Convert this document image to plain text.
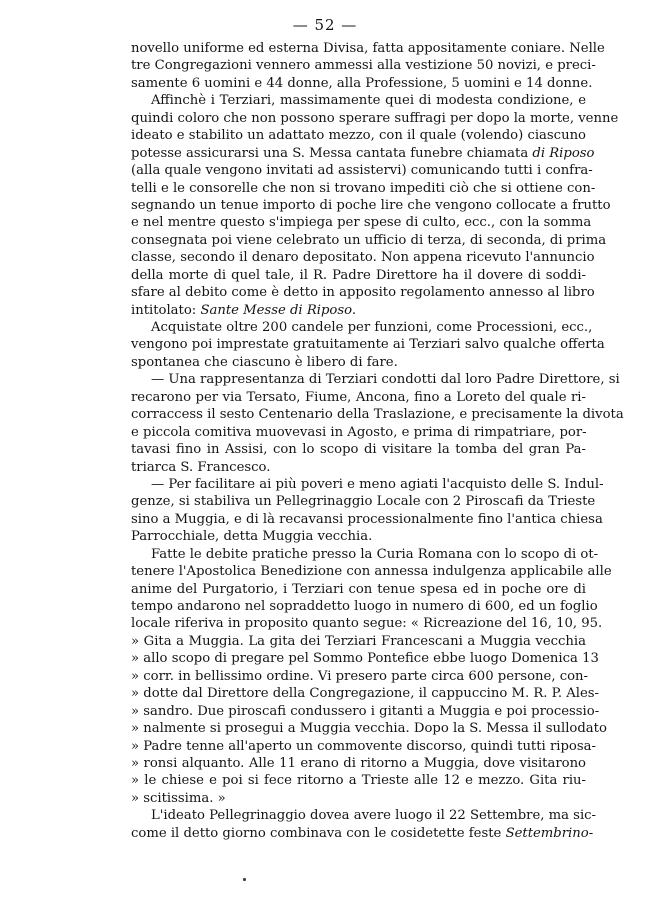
— 52 —
novello uniforme ed esterna Divisa, fatta appositamente coniare. Nelle
tre Congregazioni vennero ammessi alla vestizione 50 novizi, e preci-
samente 6 uomini e 44 donne, alla Professione, 5 uomini e 14 donne.
Affinchè i Terziari, massimamente quei di modesta condizione, e
quindi coloro che non possono sperare suffragi per dopo la morte, venne
ideato e stabilito un adattato mezzo, con il quale (volendo) ciascuno
potesse assicurarsi una S. Messa cantata funebre chiamata di Riposo
(alla quale vengono invitati ad assistervi) comunicando tutti i confra-
telli e le consorelle che non si trovano impediti ciò che si ottiene con-
segnando un tenue importo di poche lire che vengono collocate a frutto
e nel mentre questo s'impiega per spese di culto, ecc., con la somma
consegnata poi viene celebrato un ufficio di terza, di seconda, di prima
classe, secondo il denaro depositato. Non appena ricevuto l'annuncio
della morte di quel tale, il R. Padre Direttore ha il dovere di soddi-
sfare al debito come è detto in apposito regolamento annesso al libro
intitolato: Sante Messe di Riposo.
Acquistate oltre 200 candele per funzioni, come Processioni, ecc.,
vengono poi imprestate gratuitamente ai Terziari salvo qualche offerta
spontanea che ciascuno è libero di fare.
— Una rappresentanza di Terziari condotti dal loro Padre Direttore, si
recarono per via Tersato, Fiume, Ancona, fino a Loreto del quale ri-
corraccess il sesto Centenario della Traslazione, e precisamente la divota
e piccola comitiva muovevasi in Agosto, e prima di rimpatriare, por-
tavasi fino in Assisi, con lo scopo di visitare la tomba del gran Pa-
triarca S. Francesco.
— Per facilitare ai più poveri e meno agiati l'acquisto delle S. Indul-
genze, si stabiliva un Pellegrinaggio Locale con 2 Piroscafi da Trieste
sino a Muggia, e di là recavansi processionalmente fino l'antica chiesa
Parrocchiale, detta Muggia vecchia.
Fatte le debite pratiche presso la Curia Romana con lo scopo di ot-
tenere l'Apostolica Benedizione con annessa indulgenza applicabile alle
anime del Purgatorio, i Terziari con tenue spesa ed in poche ore di
tempo andarono nel sopraddetto luogo in numero di 600, ed un foglio
locale riferiva in proposito quanto segue: « Ricreazione del 16, 10, 95.
» Gita a Muggia. La gita dei Terziari Francescani a Muggia vecchia
» allo scopo di pregare pel Sommo Pontefice ebbe luogo Domenica 13
» corr. in bellissimo ordine. Vi presero parte circa 600 persone, con-
» dotte dal Direttore della Congregazione, il cappuccino M. R. P. Ales-
» sandro. Due piroscafi condussero i gitanti a Muggia e poi processio-
» nalmente si prosegui a Muggia vecchia. Dopo la S. Messa il sullodato
» Padre tenne all'aperto un commovente discorso, quindi tutti riposa-
» ronsi alquanto. Alle 11 erano di ritorno a Muggia, dove visitarono
» le chiese e poi si fece ritorno a Trieste alle 12 e mezzo. Gita riu-
» scitissima. »
L'ideato Pellegrinaggio dovea avere luogo il 22 Settembre, ma sic-
come il detto giorno combinava con le cosidetette feste Settembrino-
